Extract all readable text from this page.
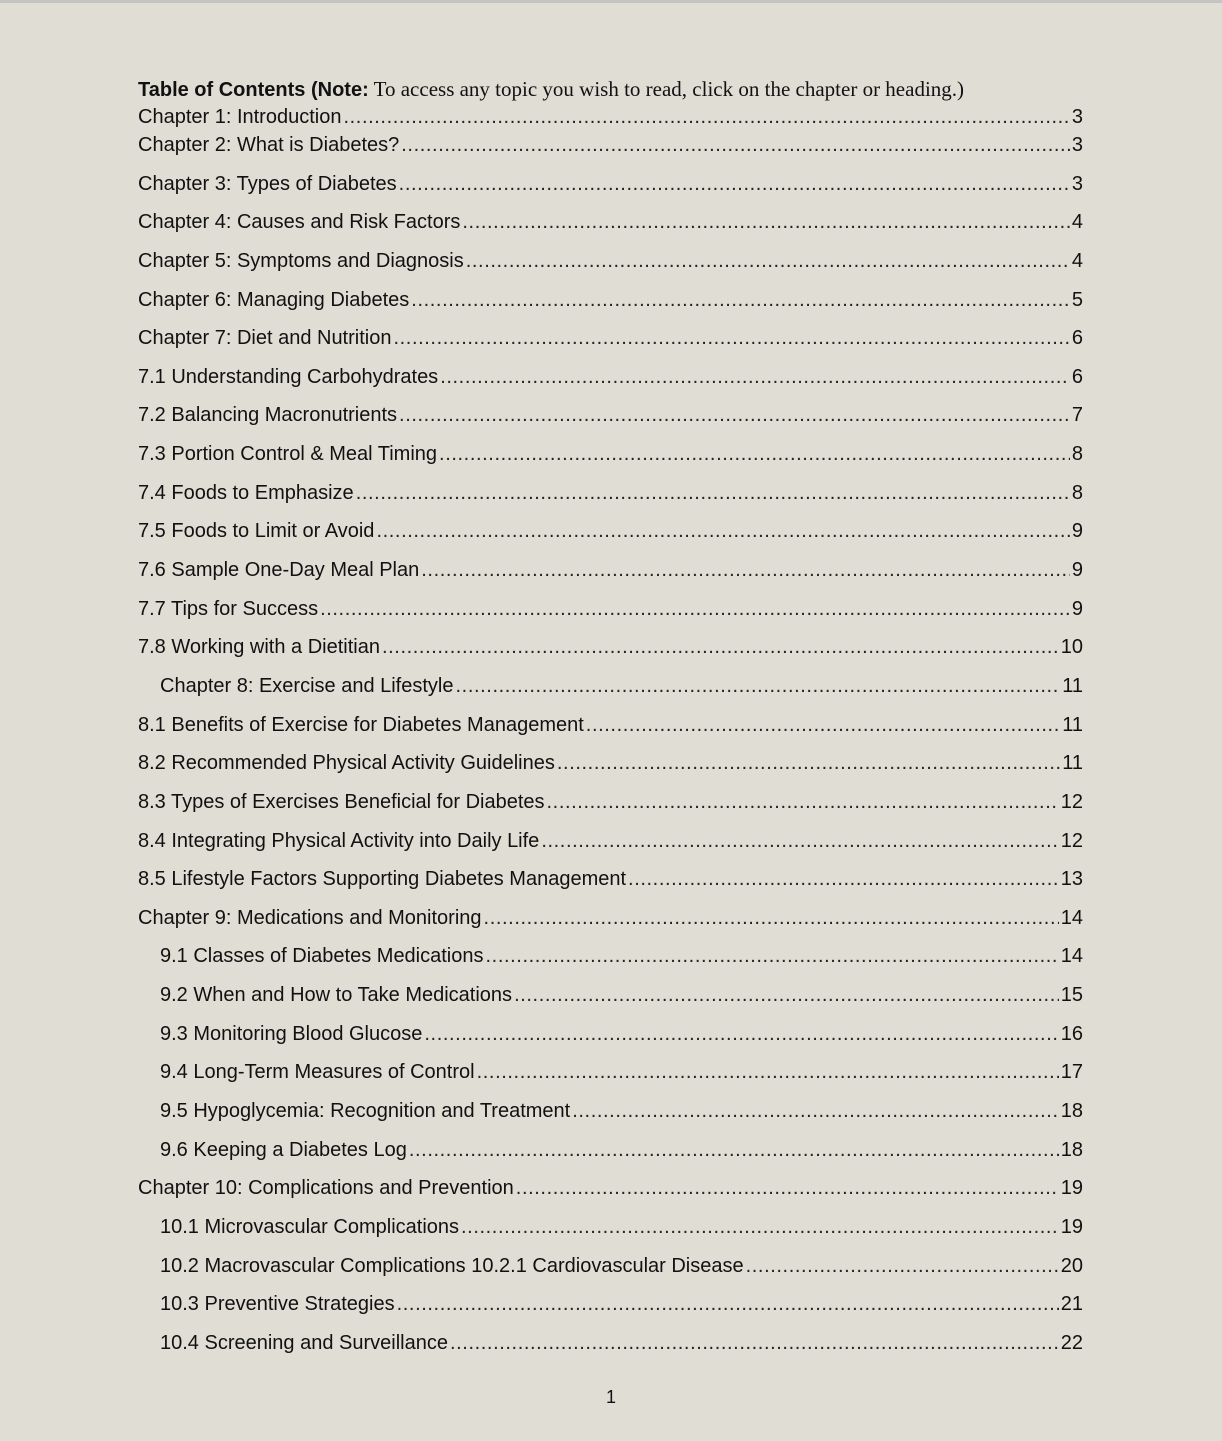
Table of Contents (Note: To access any topic you wish to read, click on the chapter or heading.)
Chapter 1: Introduction .....	3
Chapter 2: What is Diabetes? .....	3
Chapter 3: Types of Diabetes .....	3
Chapter 4: Causes and Risk Factors .....	4
Chapter 5: Symptoms and Diagnosis .....	4
Chapter 6: Managing Diabetes .....	5
Chapter 7: Diet and Nutrition .....	6
7.1 Understanding Carbohydrates .....	6
7.2 Balancing Macronutrients .....	7
7.3 Portion Control & Meal Timing .....	8
7.4 Foods to Emphasize .....	8
7.5 Foods to Limit or Avoid .....	9
7.6 Sample One-Day Meal Plan .....	9
7.7 Tips for Success .....	9
7.8 Working with a Dietitian .....	10
Chapter 8: Exercise and Lifestyle .....	11
8.1 Benefits of Exercise for Diabetes Management .....	11
8.2 Recommended Physical Activity Guidelines .....	11
8.3 Types of Exercises Beneficial for Diabetes .....	12
8.4 Integrating Physical Activity into Daily Life .....	12
8.5 Lifestyle Factors Supporting Diabetes Management .....	13
Chapter 9: Medications and Monitoring .....	14
9.1 Classes of Diabetes Medications .....	14
9.2 When and How to Take Medications .....	15
9.3 Monitoring Blood Glucose .....	16
9.4 Long-Term Measures of Control .....	17
9.5 Hypoglycemia: Recognition and Treatment .....	18
9.6 Keeping a Diabetes Log .....	18
Chapter 10: Complications and Prevention .....	19
10.1 Microvascular Complications .....	19
10.2 Macrovascular Complications 10.2.1 Cardiovascular Disease .....	20
10.3 Preventive Strategies .....	21
10.4 Screening and Surveillance .....	22
1
